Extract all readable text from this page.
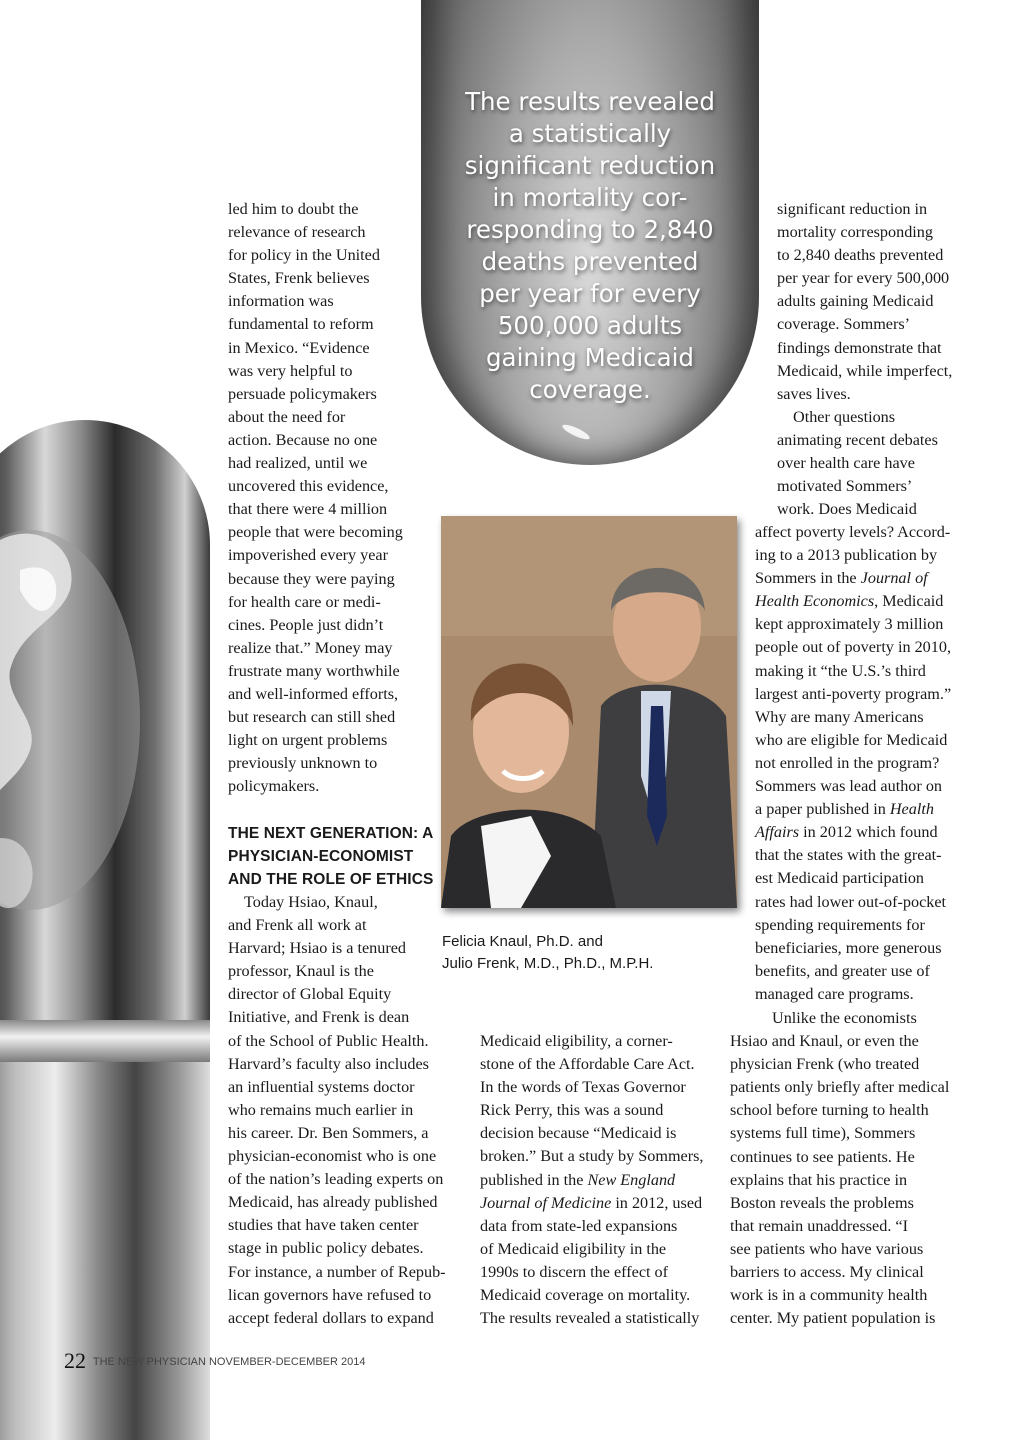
The results revealed
a statistically
significant reduction
in mortality cor-
responding to 2,840
deaths prevented
per year for every
500,000 adults
gaining Medicaid
coverage.
led him to doubt the
relevance of research
for policy in the United
States, Frenk believes
information was
fundamental to reform
in Mexico. “Evidence
was very helpful to
persuade policymakers
about the need for
action. Because no one
had realized, until we
uncovered this evidence,
that there were 4 million
people that were becoming
impoverished every year
because they were paying
for health care or medi-
cines. People just didn’t
realize that.” Money may
frustrate many worthwhile
and well-informed efforts,
but research can still shed
light on urgent problems
previously unknown to
policymakers.
THE NEXT GENERATION: A
PHYSICIAN-ECONOMIST
AND THE ROLE OF ETHICS
Today Hsiao, Knaul,
and Frenk all work at
Harvard; Hsiao is a tenured
professor, Knaul is the
director of Global Equity
Initiative, and Frenk is dean
of the School of Public Health.
Harvard’s faculty also includes
an influential systems doctor
who remains much earlier in
his career. Dr. Ben Sommers, a
physician-economist who is one
of the nation’s leading experts on
Medicaid, has already published
studies that have taken center
stage in public policy debates.
For instance, a number of Repub-
lican governors have refused to
accept federal dollars to expand
Felicia Knaul, Ph.D. and
Julio Frenk, M.D., Ph.D., M.P.H.
Medicaid eligibility, a corner-
stone of the Affordable Care Act.
In the words of Texas Governor
Rick Perry, this was a sound
decision because “Medicaid is
broken.” But a study by Sommers,
published in the New England
Journal of Medicine in 2012, used
data from state-led expansions
of Medicaid eligibility in the
1990s to discern the effect of
Medicaid coverage on mortality.
The results revealed a statistically
significant reduction in
mortality corresponding
to 2,840 deaths prevented
per year for every 500,000
adults gaining Medicaid
coverage. Sommers’
findings demonstrate that
Medicaid, while imperfect,
saves lives.
Other questions
animating recent debates
over health care have
motivated Sommers’
work. Does Medicaid
affect poverty levels? Accord-
ing to a 2013 publication by
Sommers in the Journal of
Health Economics, Medicaid
kept approximately 3 million
people out of poverty in 2010,
making it “the U.S.’s third
largest anti-poverty program.”
Why are many Americans
who are eligible for Medicaid
not enrolled in the program?
Sommers was lead author on
a paper published in Health
Affairs in 2012 which found
that the states with the great-
est Medicaid participation
rates had lower out-of-pocket
spending requirements for
beneficiaries, more generous
benefits, and greater use of
managed care programs.
Unlike the economists
Hsiao and Knaul, or even the
physician Frenk (who treated
patients only briefly after medical
school before turning to health
systems full time), Sommers
continues to see patients. He
explains that his practice in
Boston reveals the problems
that remain unaddressed. “I
see patients who have various
barriers to access. My clinical
work is in a community health
center. My patient population is
22 THE NEW PHYSICIAN NOVEMBER-DECEMBER 2014
